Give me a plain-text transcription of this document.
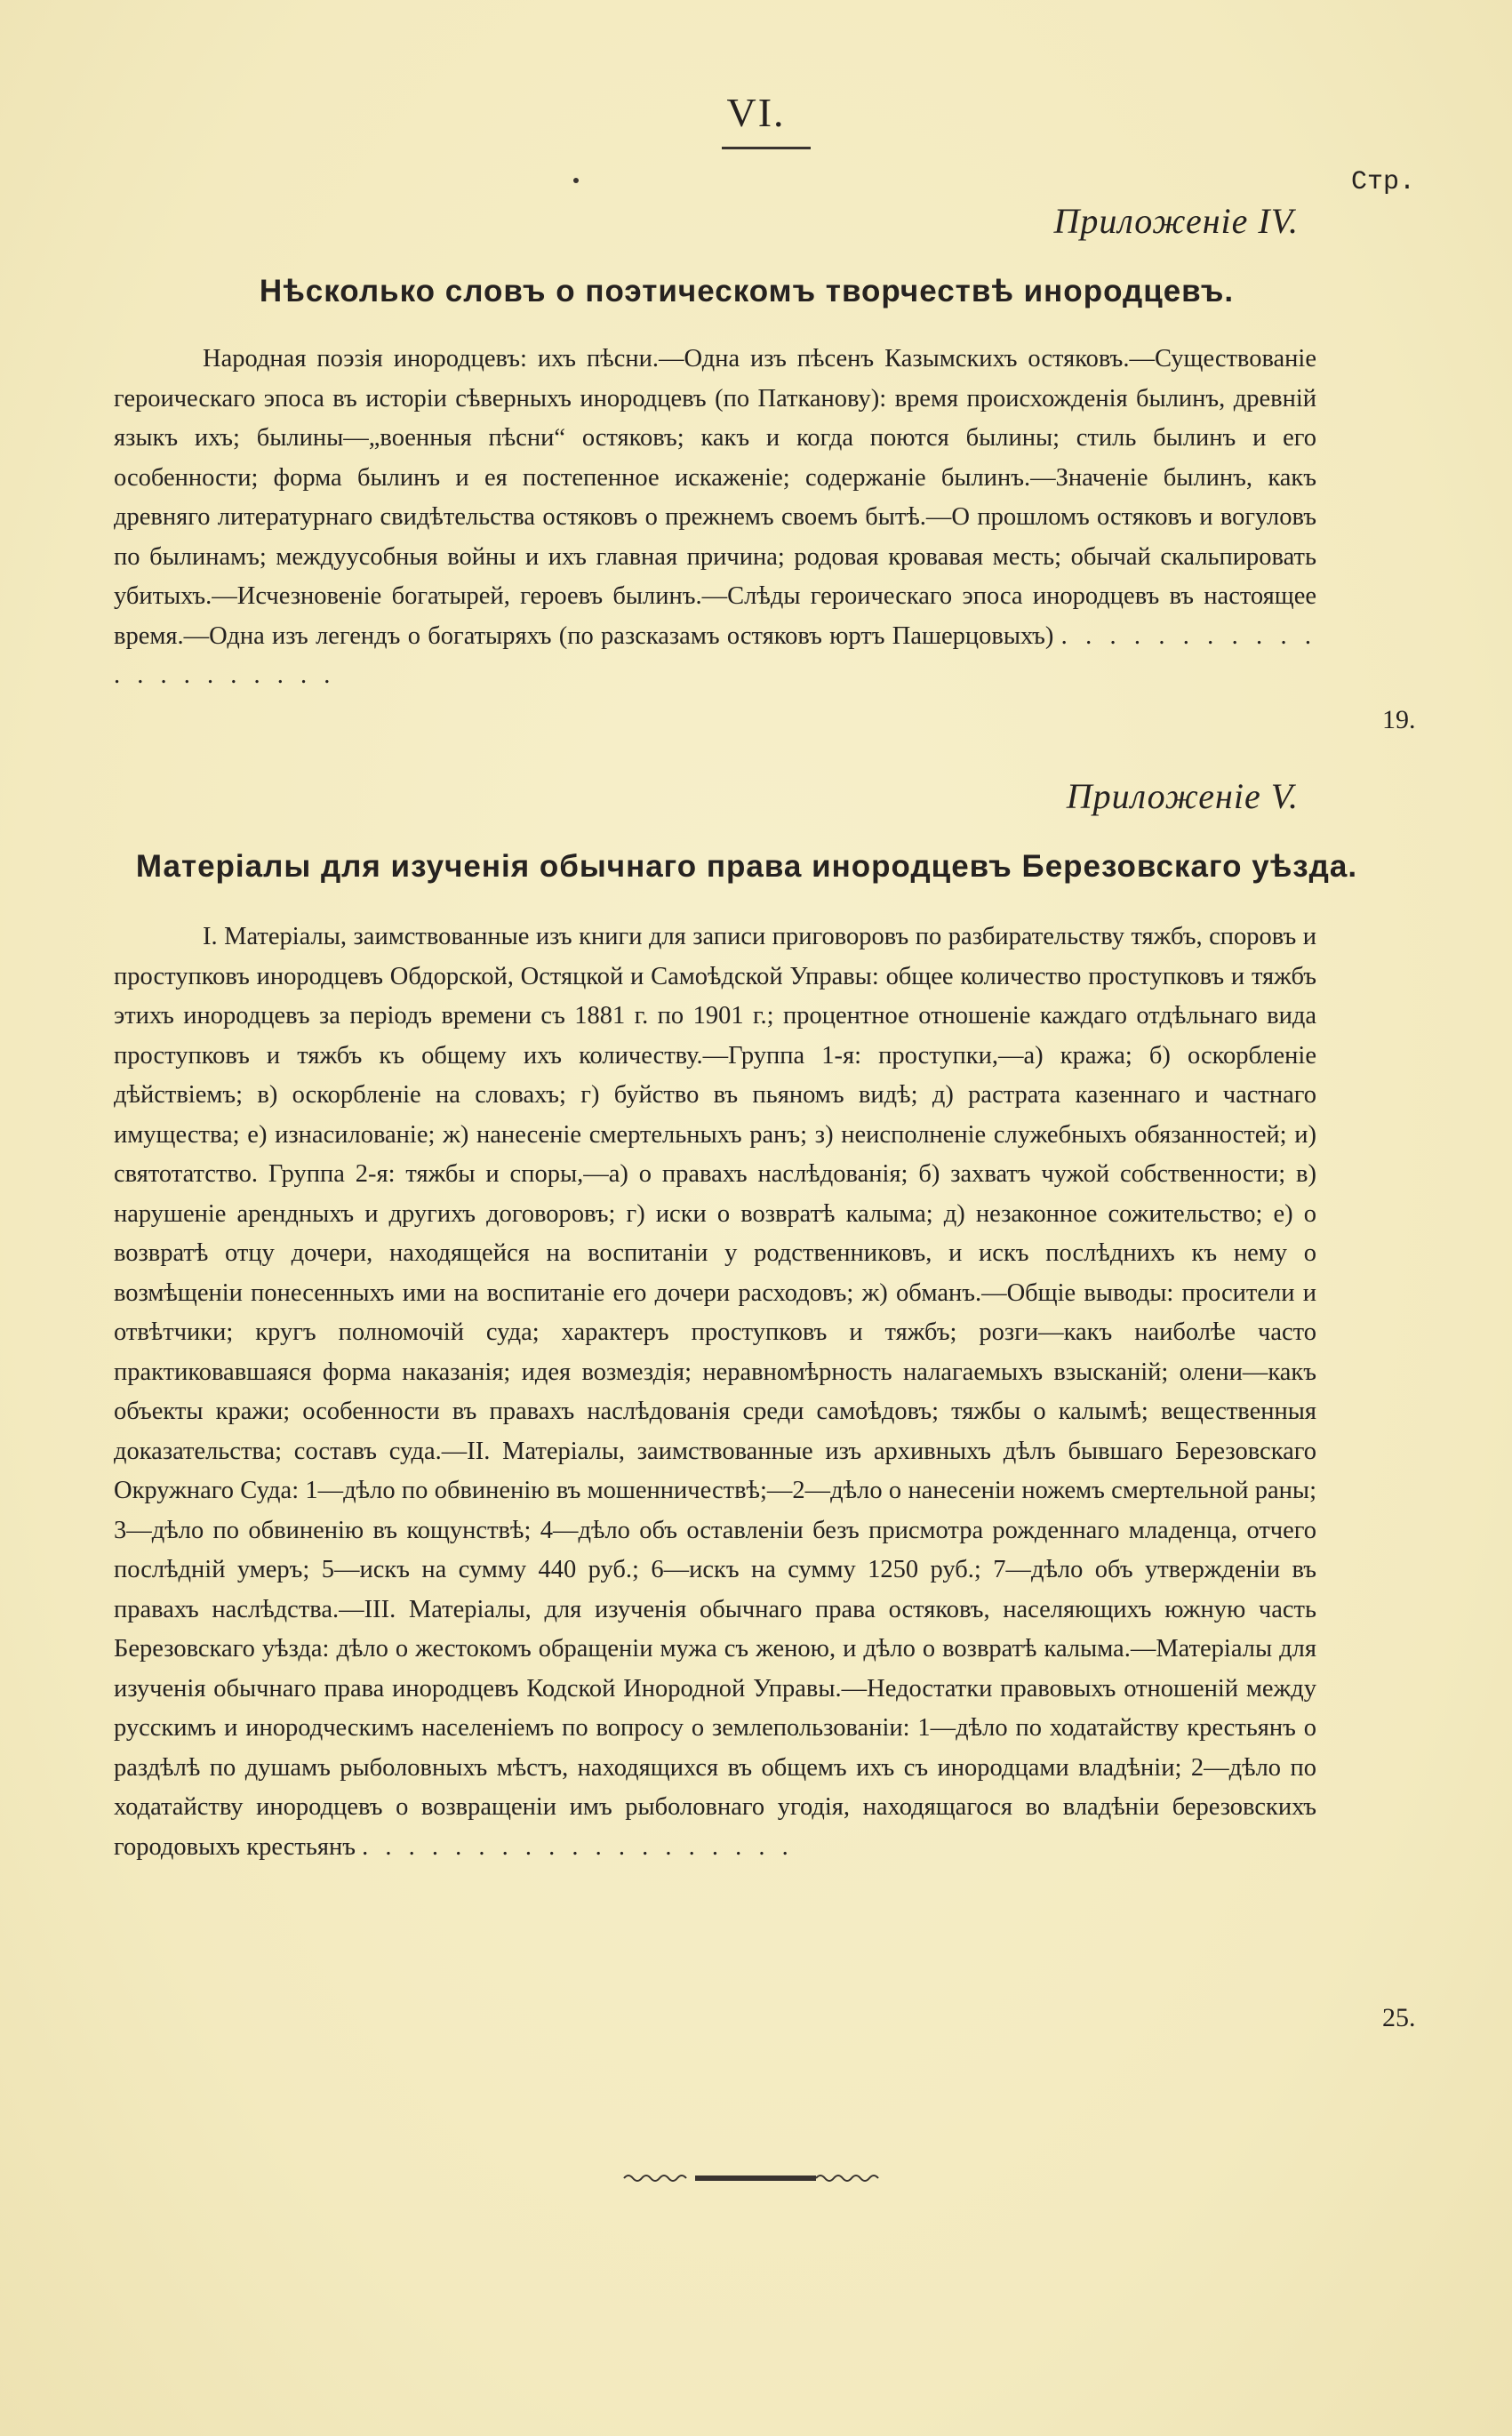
VI.
Стр.
Приложеніе IV.
Нѣсколько словъ о поэтическомъ творчествѣ инородцевъ.
Народная поэзія инородцевъ: ихъ пѣсни.—Одна изъ пѣсенъ Казымскихъ остяковъ.—Существованіе героическаго эпоса въ исторіи сѣверныхъ инородцевъ (по Патканову): время происхожденія былинъ, древній языкъ ихъ; былины—„военныя пѣсни“ остяковъ; какъ и когда поются былины; стиль былинъ и его особенности; форма былинъ и ея постепенное искаженіе; содержаніе былинъ.—Значеніе былинъ, какъ древняго литературнаго свидѣтельства остяковъ о прежнемъ своемъ бытѣ.—О прошломъ остяковъ и вогуловъ по былинамъ; междуусобныя войны и ихъ главная причина; родовая кровавая месть; обычай скальпировать убитыхъ.—Исчезновеніе богатырей, героевъ былинъ.—Слѣды героическаго эпоса инородцевъ въ настоящее время.—Одна изъ легендъ о богатыряхъ (по разсказамъ остяковъ юртъ Пашерцовыхъ) . . . . . . . . . . . . . . . . . . . . .
19.
Приложеніе V.
Матеріалы для изученія обычнаго права инородцевъ Березовскаго уѣзда.
I. Матеріалы, заимствованные изъ книги для записи приговоровъ по разбирательству тяжбъ, споровъ и проступковъ инородцевъ Обдорской, Остяцкой и Самоѣдской Управы: общее количество проступковъ и тяжбъ этихъ инородцевъ за періодъ времени съ 1881 г. по 1901 г.; процентное отношеніе каждаго отдѣльнаго вида проступковъ и тяжбъ къ общему ихъ количеству.—Группа 1-я: проступки,—а) кража; б) оскорбленіе дѣйствіемъ; в) оскорбленіе на словахъ; г) буйство въ пьяномъ видѣ; д) растрата казеннаго и частнаго имущества; е) изнасилованіе; ж) нанесеніе смертельныхъ ранъ; з) неисполненіе служебныхъ обязанностей; и) святотатство. Группа 2-я: тяжбы и споры,—а) о правахъ наслѣдованія; б) захватъ чужой собственности; в) нарушеніе арендныхъ и другихъ договоровъ; г) иски о возвратѣ калыма; д) незаконное сожительство; е) о возвратѣ отцу дочери, находящейся на воспитаніи у родственниковъ, и искъ послѣднихъ къ нему о возмѣщеніи понесенныхъ ими на воспитаніе его дочери расходовъ; ж) обманъ.—Общіе выводы: просители и отвѣтчики; кругъ полномочій суда; характеръ проступковъ и тяжбъ; розги—какъ наиболѣе часто практиковавшаяся форма наказанія; идея возмездія; неравномѣрность налагаемыхъ взысканій; олени—какъ объекты кражи; особенности въ правахъ наслѣдованія среди самоѣдовъ; тяжбы о калымѣ; вещественныя доказательства; составъ суда.—II. Матеріалы, заимствованные изъ архивныхъ дѣлъ бывшаго Березовскаго Окружнаго Суда: 1—дѣло по обвиненію въ мошенничествѣ;—2—дѣло о нанесеніи ножемъ смертельной раны; 3—дѣло по обвиненію въ кощунствѣ; 4—дѣло объ оставленіи безъ присмотра рожденнаго младенца, отчего послѣдній умеръ; 5—искъ на сумму 440 руб.; 6—искъ на сумму 1250 руб.; 7—дѣло объ утвержденіи въ правахъ наслѣдства.—III. Матеріалы, для изученія обычнаго права остяковъ, населяющихъ южную часть Березовскаго уѣзда: дѣло о жестокомъ обращеніи мужа съ женою, и дѣло о возвратѣ калыма.—Матеріалы для изученія обычнаго права инородцевъ Кодской Инородной Управы.—Недостатки правовыхъ отношеній между русскимъ и инородческимъ населеніемъ по вопросу о землепользованіи: 1—дѣло по ходатайству крестьянъ о раздѣлѣ по душамъ рыболовныхъ мѣстъ, находящихся въ общемъ ихъ съ инородцами владѣніи; 2—дѣло по ходатайству инородцевъ о возвращеніи имъ рыболовнаго угодія, находящагося во владѣніи березовскихъ городовыхъ крестьянъ . . . . . . . . . . . . . . . . . . .
25.
